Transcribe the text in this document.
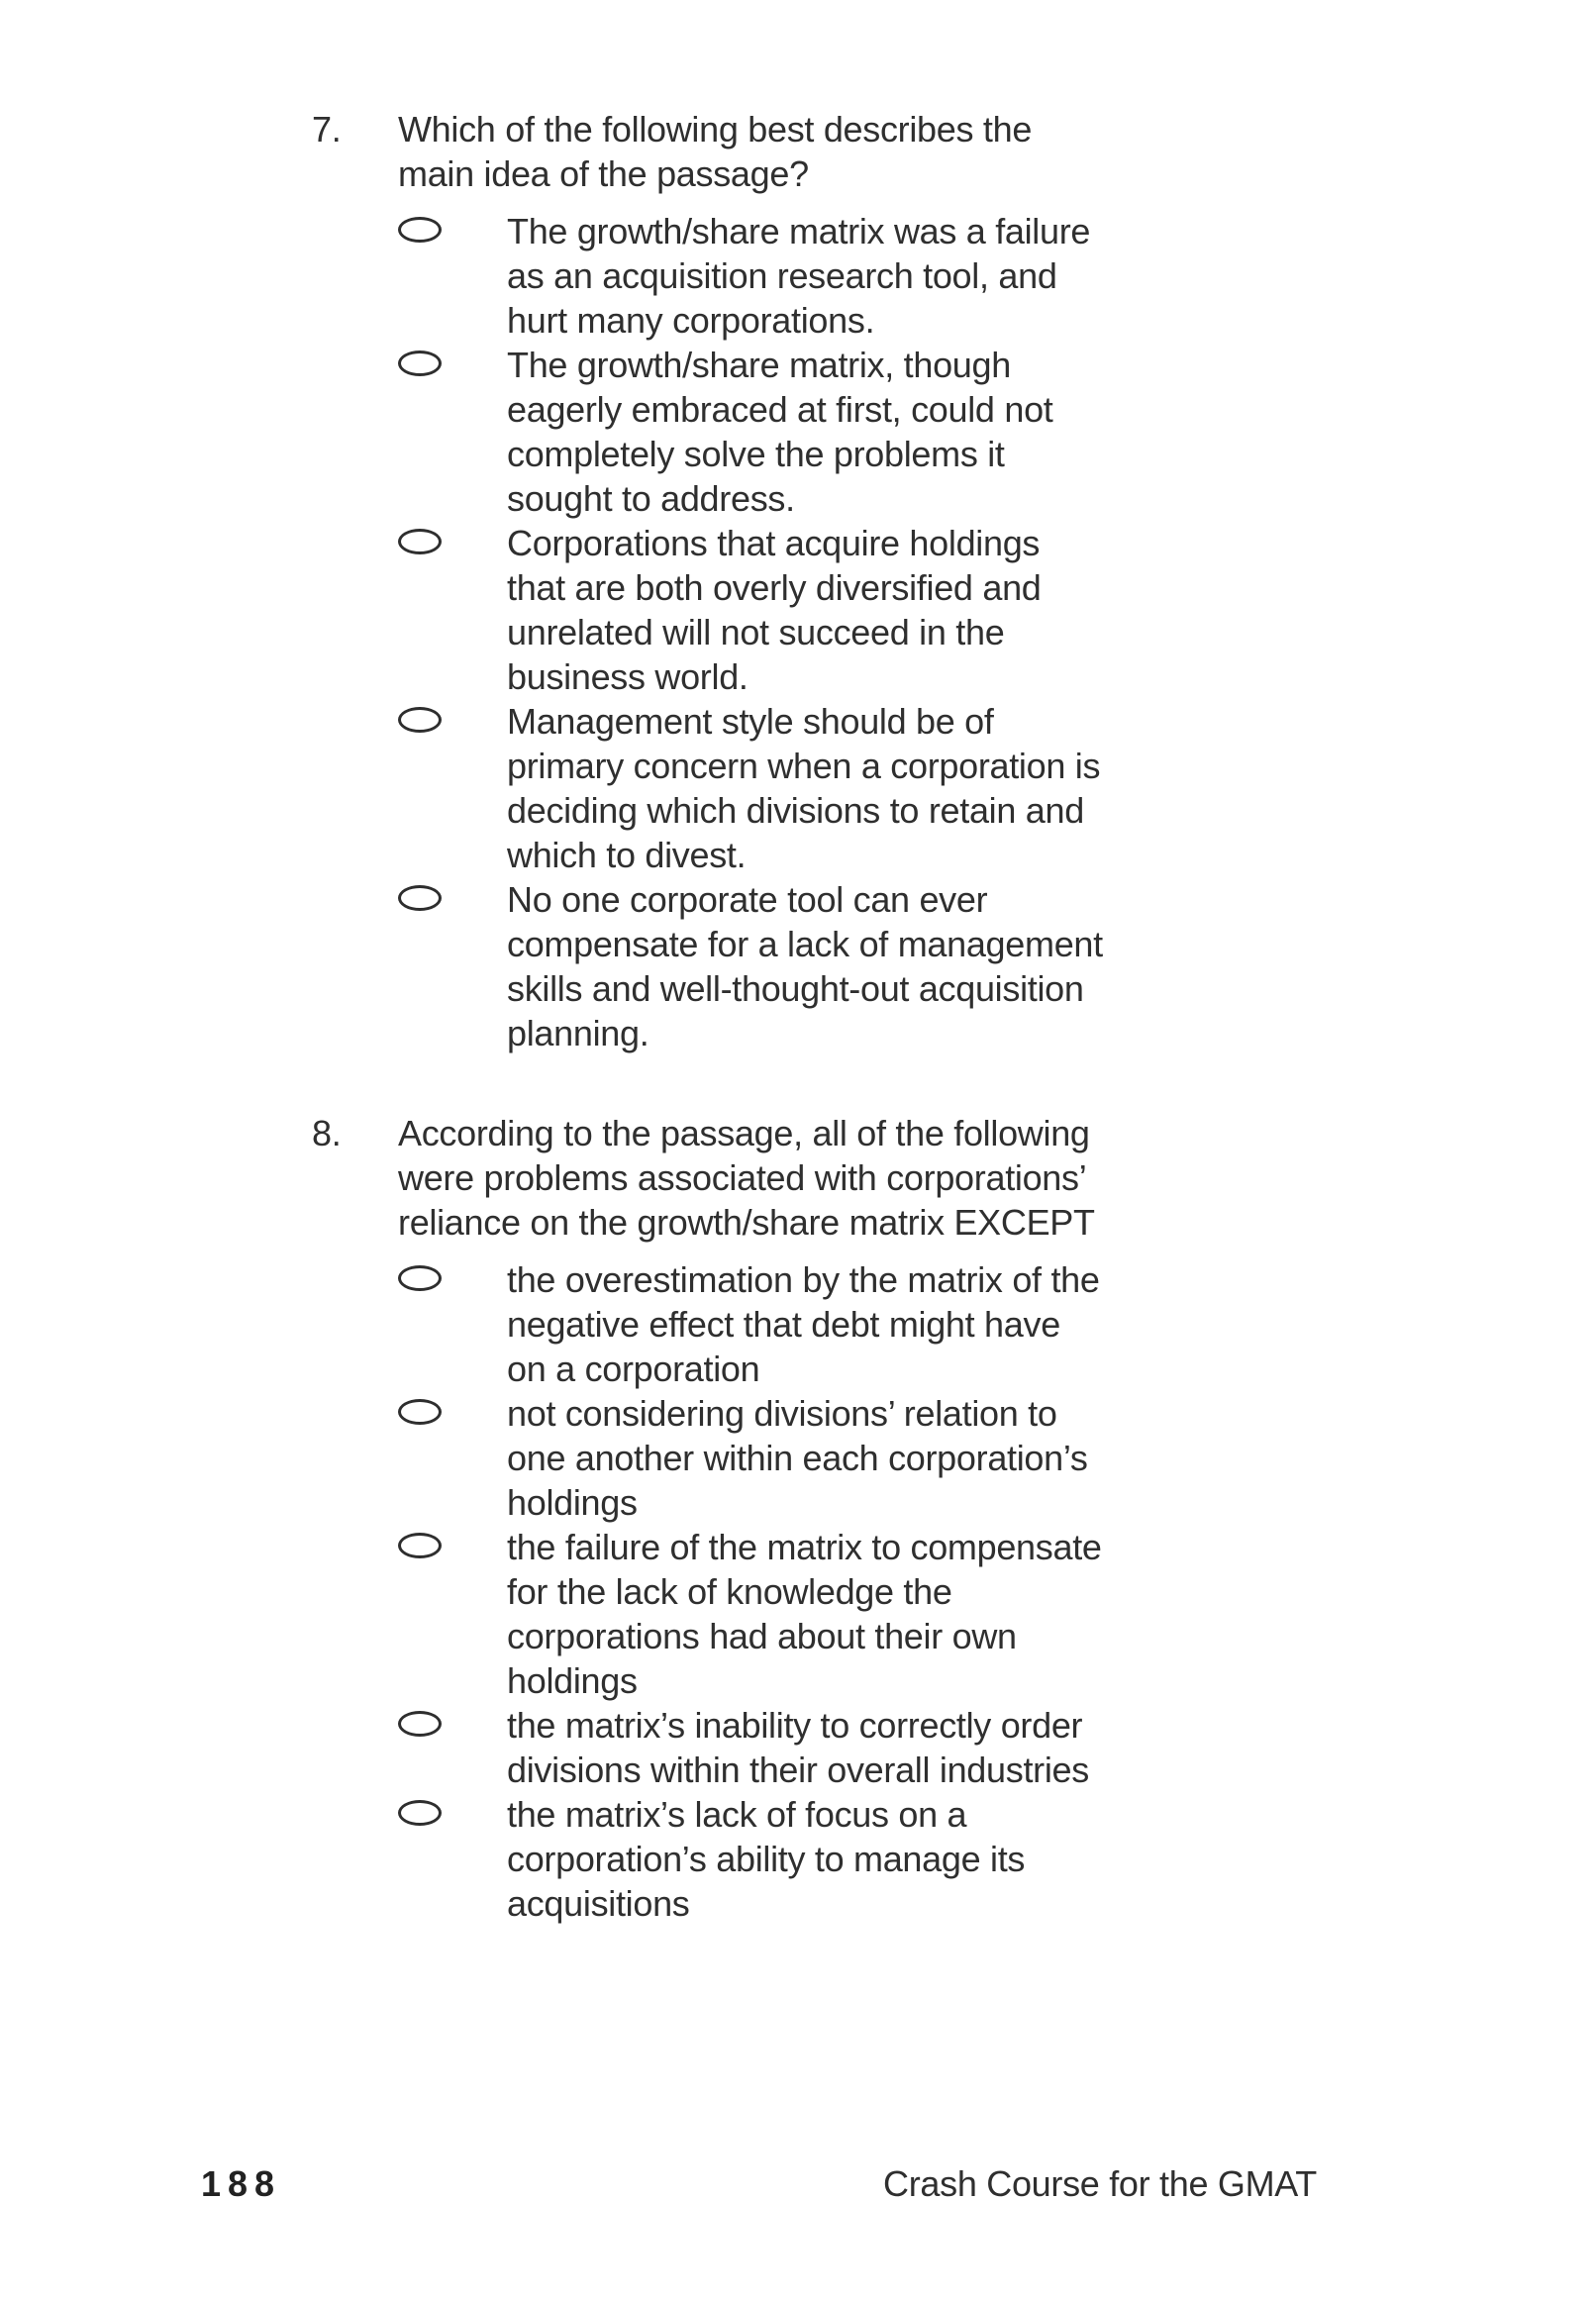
7.	Which of the following best describes the
main idea of the passage?

The growth/share matrix was a failure
as an acquisition research tool, and
hurt many corporations.

The growth/share matrix, though
eagerly embraced at first, could not
completely solve the problems it
sought to address.

Corporations that acquire holdings
that are both overly diversified and
unrelated will not succeed in the
business world.

Management style should be of
primary concern when a corporation is
deciding which divisions to retain and
which to divest.

No one corporate tool can ever
compensate for a lack of management
skills and well-thought-out acquisition
planning.

8.	According to the passage, all of the following
were problems associated with corporations’
reliance on the growth/share matrix EXCEPT

the overestimation by the matrix of the
negative effect that debt might have
on a corporation

not considering divisions’ relation to
one another within each corporation’s
holdings

the failure of the matrix to compensate
for the lack of knowledge the
corporations had about their own
holdings

the matrix’s inability to correctly order
divisions within their overall industries

the matrix’s lack of focus on a
corporation’s ability to manage its
acquisitions

188	Crash Course for the GMAT
